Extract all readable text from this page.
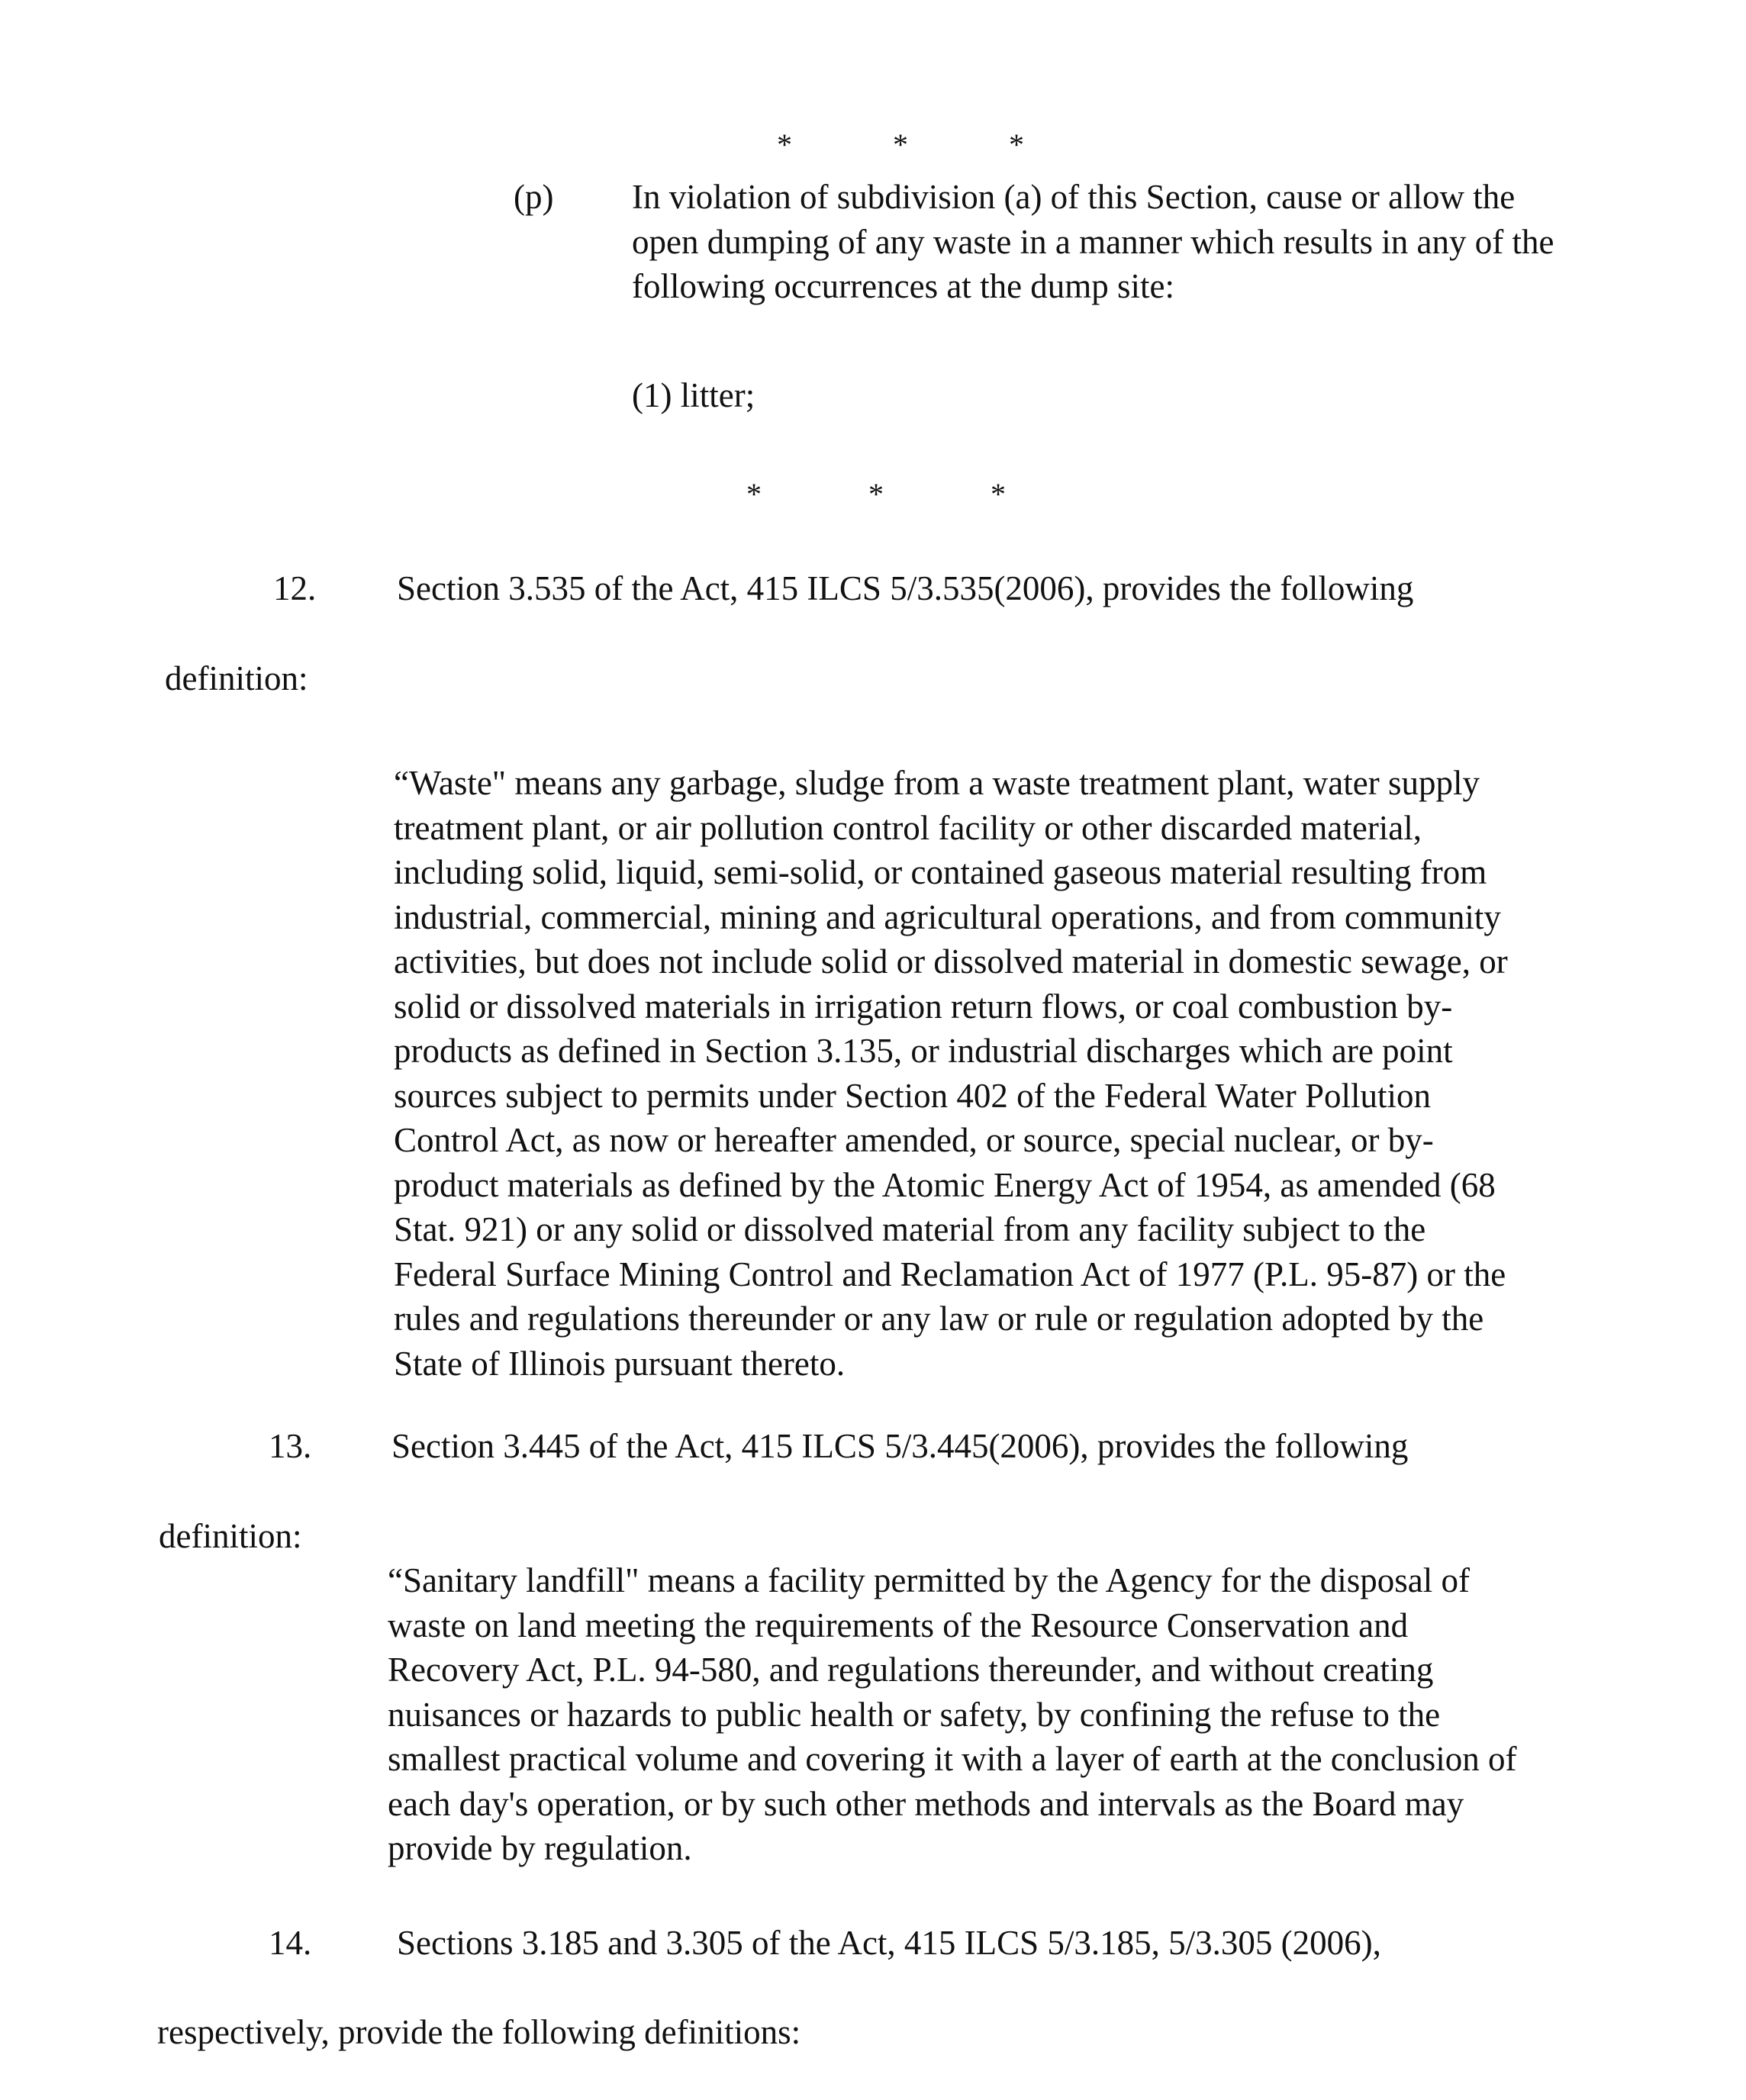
*	*	*
(p) In violation of subdivision (a) of this Section, cause or allow the

open dumping of any waste in a manner which results in any of the

following occurrences at the dump site:

(1) litter;
*	*	*
12. Section 3.535 of the Act, 415 ILCS 5/3.535(2006), provides the following
definition:

“Waste" means any garbage, sludge from a waste treatment plant, water supply

treatment plant, or air pollution control facility or other discarded material,

including solid, liquid, semi-solid, or contained gaseous material resulting from

industrial, commercial, mining and agricultural operations, and from community

activities, but does not include solid or dissolved material in domestic sewage, or

solid or dissolved materials in irrigation return flows, or coal combustion by-

products as defined in Section 3.135, or industrial discharges which are point

sources subject to permits under Section 402 of the Federal Water Pollution

Control Act, as now or hereafter amended, or source, special nuclear, or by-

product materials as defined by the Atomic Energy Act of 1954, as amended (68

Stat. 921) or any solid or dissolved material from any facility subject to the

Federal Surface Mining Control and Reclamation Act of 1977 (P.L. 95-87) or the

rules and regulations thereunder or any law or rule or regulation adopted by the

State of Illinois pursuant thereto.

13. Section 3.445 of the Act, 415 ILCS 5/3.445(2006), provides the following
definition:

“Sanitary landfill" means a facility permitted by the Agency for the disposal of

waste on land meeting the requirements of the Resource Conservation and

Recovery Act, P.L. 94-580, and regulations thereunder, and without creating

nuisances or hazards to public health or safety, by confining the refuse to the

smallest practical volume and covering it with a layer of earth at the conclusion of

each day's operation, or by such other methods and intervals as the Board may

provide by regulation.

14. Sections 3.185 and 3.305 of the Act, 415 ILCS 5/3.185, 5/3.305 (2006),
respectively, provide the following definitions:
